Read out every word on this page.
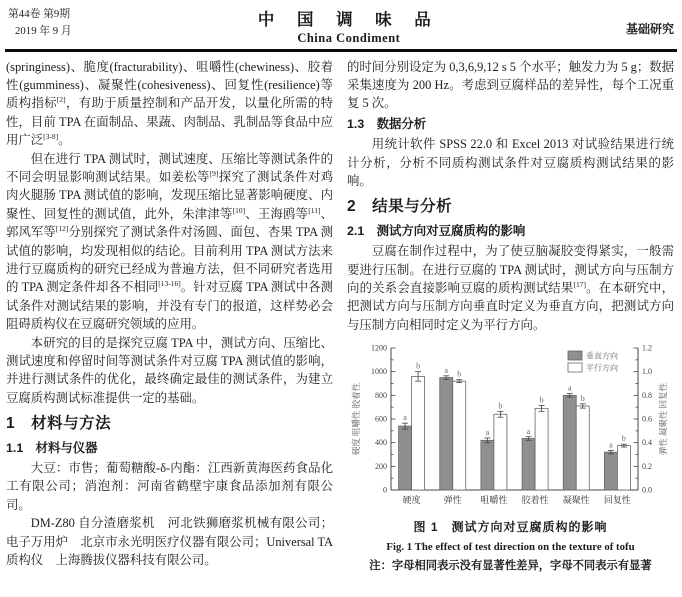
第44卷 第9期
2019 年 9 月
中 国 调 味 品
China Condiment
基础研究

(springiness)、脆度(fracturability)、咀嚼性(chewiness)、胶着性(gumminess)、凝聚性(cohesiveness)、回复性(resilience)等质构指标[2]，有助于质量控制和产品开发，以量化所需的特性，目前 TPA 在面制品、果蔬、肉制品、乳制品等食品中应用广泛[3-8]。

但在进行 TPA 测试时，测试速度、压缩比等测试条件的不同会明显影响测试结果。如姜松等[9]探究了测试条件对鸡肉火腿肠 TPA 测试值的影响，发现压缩比显著影响硬度、内聚性、回复性的测试值，此外，朱津津等[10]、王海鸥等[11]、郭风军等[12]分别探究了测试条件对汤圆、面包、杏果 TPA 测试值的影响，均发现相似的结论。目前利用 TPA 测试方法来进行豆腐质构的研究已经成为普遍方法，但不同研究者选用的 TPA 测定条件却各不相同[13-16]。针对豆腐 TPA 测试中各测试条件对测试结果的影响，并没有专门的报道，这样势必会阻碍质构仪在豆腐研究领域的应用。

本研究的目的是探究豆腐 TPA 中，测试方向、压缩比、测试速度和停留时间等测试条件对豆腐 TPA 测试值的影响，并进行测试条件的优化，最终确定最佳的测试条件，为建立豆腐质构测试标准提供一定的基础。

1　材料与方法
1.1　材料与仪器

大豆：市售；葡萄糖酸-δ-内酯：江西新黄海医药食品化工有限公司；消泡剂：河南省鹤壁宇康食品添加剂有限公司。

DM-Z80 自分渣磨浆机　河北铁狮磨浆机械有限公司；电子万用炉　北京市永光明医疗仪器有限公司；Universal TA 质构仪　上海腾拔仪器科技有限公司。

的时间分别设定为 0,3,6,9,12 s 5 个水平；触发力为 5 g；数据采集速度为 200 Hz。考虑到豆腐样品的差异性，每个工况重复 5 次。

1.3　数据分析

用统计软件 SPSS 22.0 和 Excel 2013 对试验结果进行统计分析，分析不同质构测试条件对豆腐质构测试结果的影响。

2　结果与分析
2.1　测试方向对豆腐质构的影响

豆腐在制作过程中，为了使豆脑凝胶变得紧实，一般需要进行压制。在进行豆腐的 TPA 测试时，测试方向与压制方向的关系会直接影响豆腐的质构测试结果[17]。在本研究中，把测试方向与压制方向垂直时定义为垂直方向，把测试方向与压制方向相同时定义为平行方向。

0
200
400
600
800
1000
1200
0.0
0.2
0.4
0.6
0.8
1.0
1.2
硬度 咀嚼性 胶着性	弹性 凝聚性 回复性
硬度
a
b
弹性
a b
咀嚼性
a
b
胶着性
a
b
凝聚性
a
b
回复性
a
b
垂直方向
平行方向
图 1　测试方向对豆腐质构的影响
Fig. 1 The effect of test direction on the texture of tofu
注：字母相同表示没有显著性差异，字母不同表示有显著
